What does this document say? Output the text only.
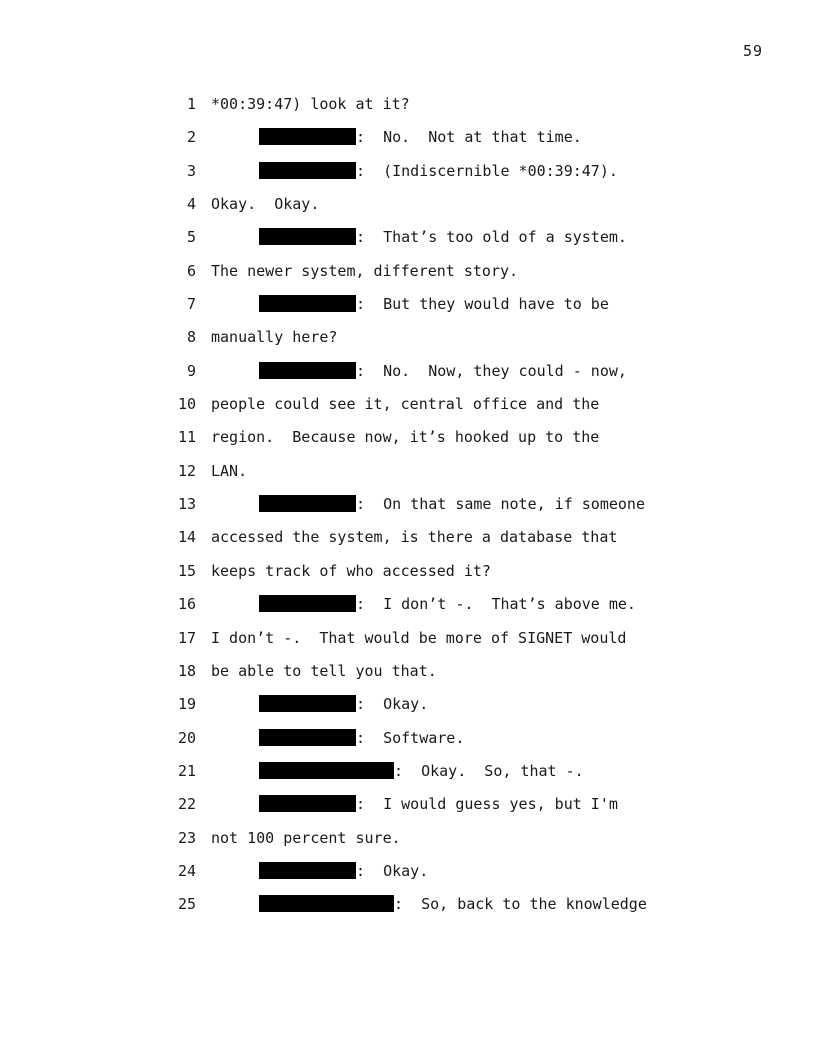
59
1 *00:39:47) look at it?
2	:  No.  Not at that time.
3	:  (Indiscernible *00:39:47).
4 Okay.  Okay.
5	:  That’s too old of a system.
6 The newer system, different story.
7	:  But they would have to be
8 manually here?
9	:  No.  Now, they could - now,
10 people could see it, central office and the
11 region.  Because now, it’s hooked up to the
12 LAN.
13	:  On that same note, if someone
14 accessed the system, is there a database that
15 keeps track of who accessed it?
16	:  I don’t -.  That’s above me.
17 I don’t -.  That would be more of SIGNET would
18 be able to tell you that.
19	:  Okay.
20	:  Software.
21	:  Okay.  So, that -.
22	:  I would guess yes, but I'm
23 not 100 percent sure.
24	:  Okay.
25	:  So, back to the knowledge
